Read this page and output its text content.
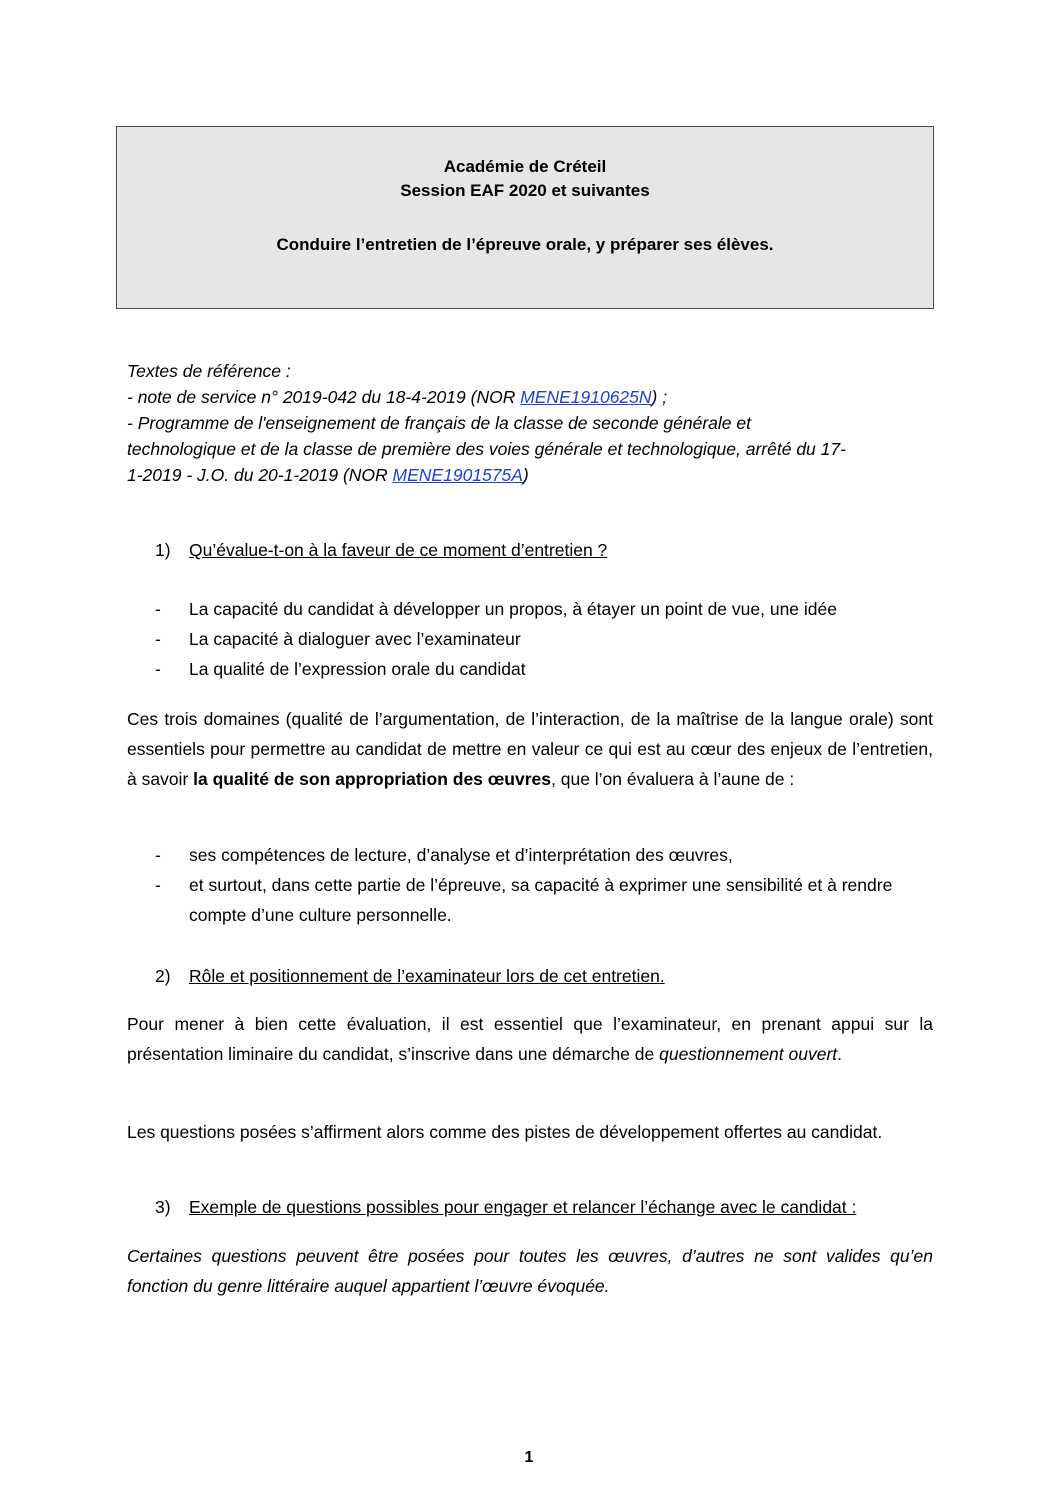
Académie de Créteil
Session EAF 2020 et suivantes
Conduire l’entretien de l’épreuve orale, y préparer ses élèves.
Textes de référence :
- note de service n° 2019-042 du 18-4-2019 (NOR MENE1910625N) ;
- Programme de l'enseignement de français de la classe de seconde générale et
technologique et de la classe de première des voies générale et technologique, arrêté du 17-
1-2019 - J.O. du 20-1-2019 (NOR MENE1901575A)
1) Qu’évalue-t-on à la faveur de ce moment d’entretien ?
- La capacité du candidat à développer un propos, à étayer un point de vue, une idée
- La capacité à dialoguer avec l’examinateur
- La qualité de l’expression orale du candidat
Ces trois domaines (qualité de l’argumentation, de l’interaction, de la maîtrise de la langue orale) sont essentiels pour permettre au candidat de mettre en valeur ce qui est au cœur des enjeux de l’entretien, à savoir la qualité de son appropriation des œuvres, que l’on évaluera à l’aune de :
- ses compétences de lecture, d’analyse et d’interprétation des œuvres,
- et surtout, dans cette partie de l’épreuve, sa capacité à exprimer une sensibilité et à rendre compte d’une culture personnelle.
2) Rôle et positionnement de l’examinateur lors de cet entretien.
Pour mener à bien cette évaluation, il est essentiel que l’examinateur, en prenant appui sur la présentation liminaire du candidat, s’inscrive dans une démarche de questionnement ouvert.
Les questions posées s’affirment alors comme des pistes de développement offertes au candidat.
3) Exemple de questions possibles pour engager et relancer l’échange avec le candidat :
Certaines questions peuvent être posées pour toutes les œuvres, d’autres ne sont valides qu’en fonction du genre littéraire auquel appartient l’œuvre évoquée.
1
